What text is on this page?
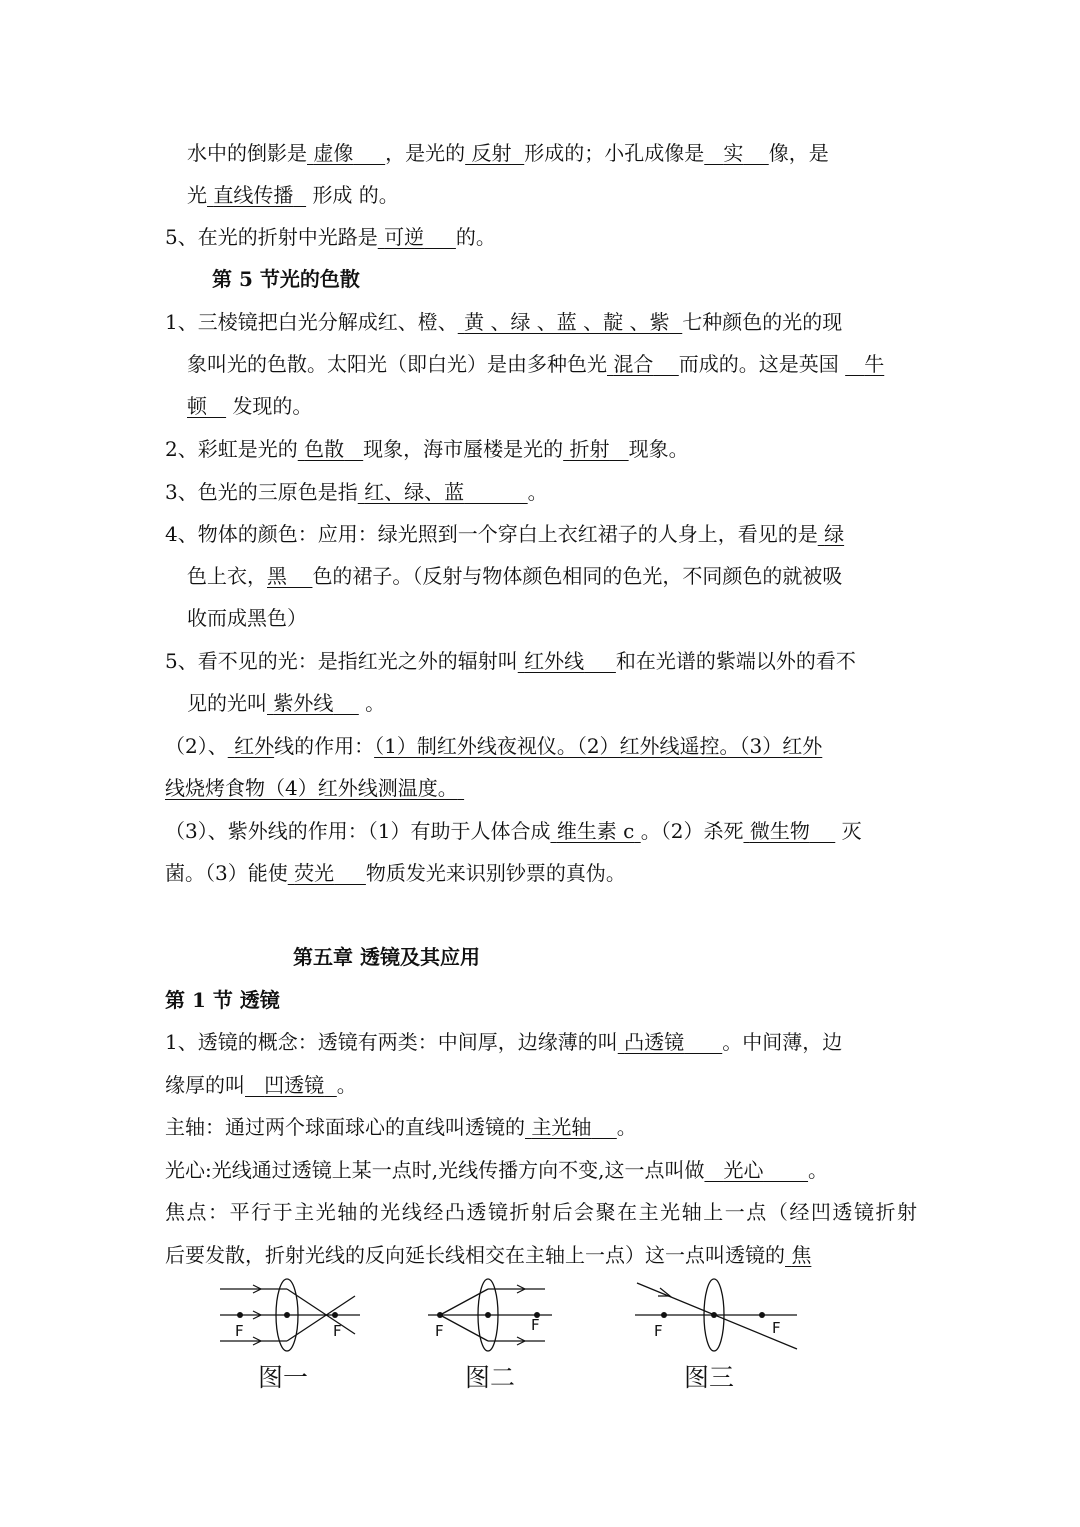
水中的倒影是 虚像 ，是光的 反射 形成的；小孔成像是 实 像，是
光 直线传播 形成 的。
5、在光的折射中光路是 可逆 的。
第 5 节光的色散
1、三棱镜把白光分解成红、橙、 黄 、绿 、蓝 、靛 、紫 七种颜色的光的现
象叫光的色散。太阳光（即白光）是由多种色光 混合 而成的。这是英国 牛
顿 发现的。
2、彩虹是光的 色散 现象，海市蜃楼是光的 折射 现象。
3、色光的三原色是指 红、绿、蓝	。
4、物体的颜色：应用：绿光照到一个穿白上衣红裙子的人身上，看见的是 绿
色上衣，黑 色的裙子。（反射与物体颜色相同的色光，不同颜色的就被吸
收而成黑色）
5、看不见的光：是指红光之外的辐射叫 红外线 和在光谱的紫端以外的看不
见的光叫 紫外线 。
（2）、 红外线的作用：（1）制红外线夜视仪。（2）红外线遥控。（3）红外
线烧烤食物（4）红外线测温度。
（3）、紫外线的作用：（1）有助于人体合成 维生素 c 。（2）杀死 微生物 灭
菌。（3）能使 荧光 物质发光来识别钞票的真伪。
第五章 透镜及其应用
第 1 节 透镜
1、透镜的概念：透镜有两类：中间厚，边缘薄的叫 凸透镜 。中间薄，边
缘厚的叫 凹透镜 。
主轴：通过两个球面球心的直线叫透镜的 主光轴 。
光心:光线通过透镜上某一点时,光线传播方向不变,这一点叫做 光心 。
焦点：平行于主光轴的光线经凸透镜折射后会聚在主光轴上一点（经凹透镜折射
后要发散，折射光线的反向延长线相交在主轴上一点）这一点叫透镜的 焦
F	F
图一
F	F
图二
F	F
图三
